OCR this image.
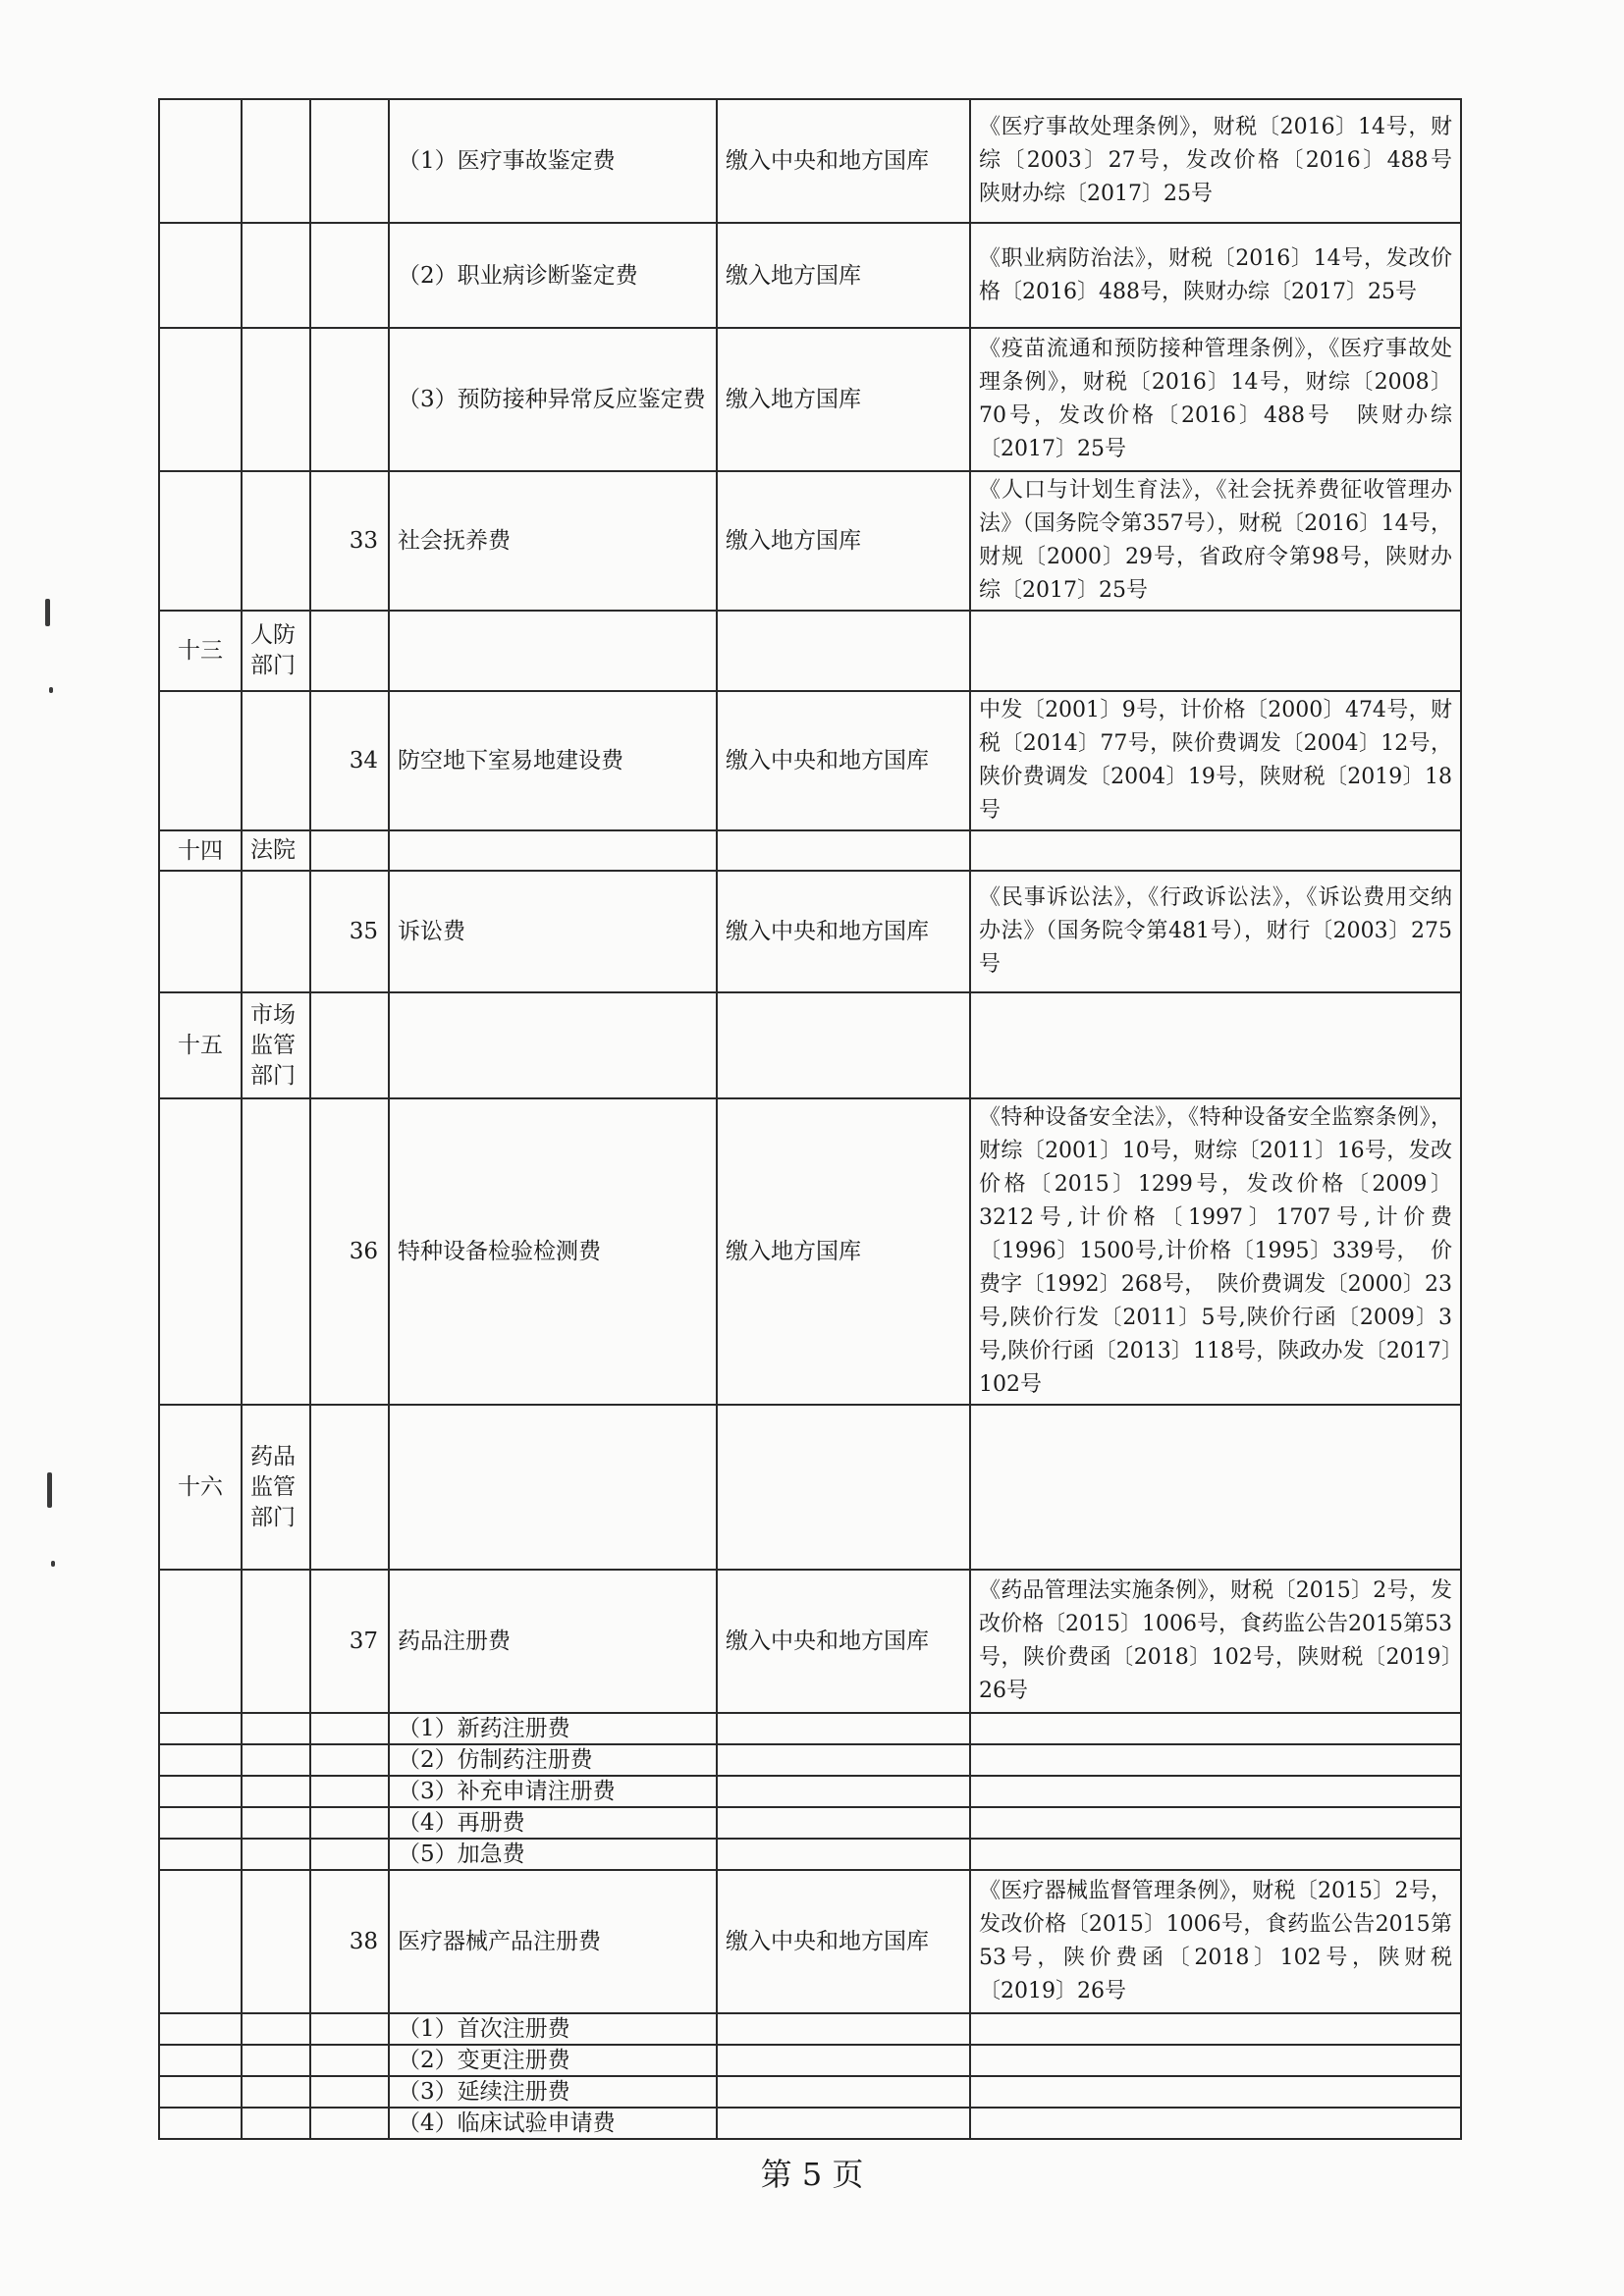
			（1）医疗事故鉴定费	缴入中央和地方国库	《医疗事故处理条例》，财税〔2016〕14号，财综〔2003〕27号，发改价格〔2016〕488号　陕财办综〔2017〕25号
			（2）职业病诊断鉴定费	缴入地方国库	《职业病防治法》，财税〔2016〕14号，发改价格〔2016〕488号，陕财办综〔2017〕25号
			（3）预防接种异常反应鉴定费	缴入地方国库	《疫苗流通和预防接种管理条例》，《医疗事故处理条例》，财税〔2016〕14号，财综〔2008〕70号，发改价格〔2016〕488号　陕财办综〔2017〕25号
		33	社会抚养费	缴入地方国库	《人口与计划生育法》，《社会抚养费征收管理办法》（国务院令第357号），财税〔2016〕14号，财规〔2000〕29号，省政府令第98号，陕财办综〔2017〕25号
十三	人防部门				
		34	防空地下室易地建设费	缴入中央和地方国库	中发〔2001〕9号，计价格〔2000〕474号，财税〔2014〕77号，陕价费调发〔2004〕12号，陕价费调发〔2004〕19号，陕财税〔2019〕18号
十四	法院				
		35	诉讼费	缴入中央和地方国库	《民事诉讼法》，《行政诉讼法》，《诉讼费用交纳办法》（国务院令第481号），财行〔2003〕275号
十五	市场监管部门				
		36	特种设备检验检测费	缴入地方国库	《特种设备安全法》，《特种设备安全监察条例》，财综〔2001〕10号，财综〔2011〕16号，发改价格〔2015〕1299号，发改价格〔2009〕3212号,计价格〔1997〕1707号,计价费〔1996〕1500号,计价格〔1995〕339号，　价费字〔1992〕268号，　陕价费调发〔2000〕23号,陕价行发〔2011〕5号,陕价行函〔2009〕3号,陕价行函〔2013〕118号，陕政办发〔2017〕102号
十六	药品监管部门				
		37	药品注册费	缴入中央和地方国库	《药品管理法实施条例》，财税〔2015〕2号，发改价格〔2015〕1006号，食药监公告2015第53号，陕价费函〔2018〕102号，陕财税〔2019〕26号
			（1）新药注册费		
			（2）仿制药注册费		
			（3）补充申请注册费		
			（4）再册费		
			（5）加急费		
		38	医疗器械产品注册费	缴入中央和地方国库	《医疗器械监督管理条例》，财税〔2015〕2号，发改价格〔2015〕1006号，食药监公告2015第53号，陕价费函〔2018〕102号，陕财税〔2019〕26号
			（1）首次注册费		
			（2）变更注册费		
			（3）延续注册费		
			（4）临床试验申请费		
第 5 页
